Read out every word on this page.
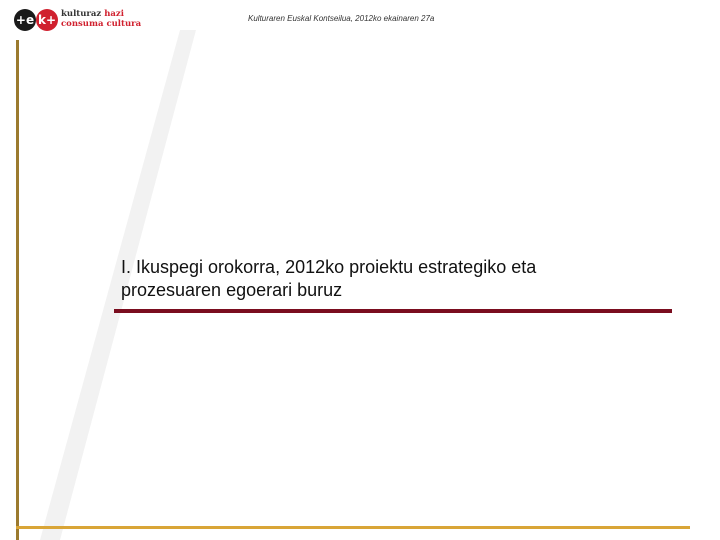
+e k+ kulturaz hazi
consuma cultura
Kulturaren Euskal Kontseilua, 2012ko ekainaren 27a
I. Ikuspegi orokorra, 2012ko proiektu estrategiko eta
prozesuaren egoerari buruz
